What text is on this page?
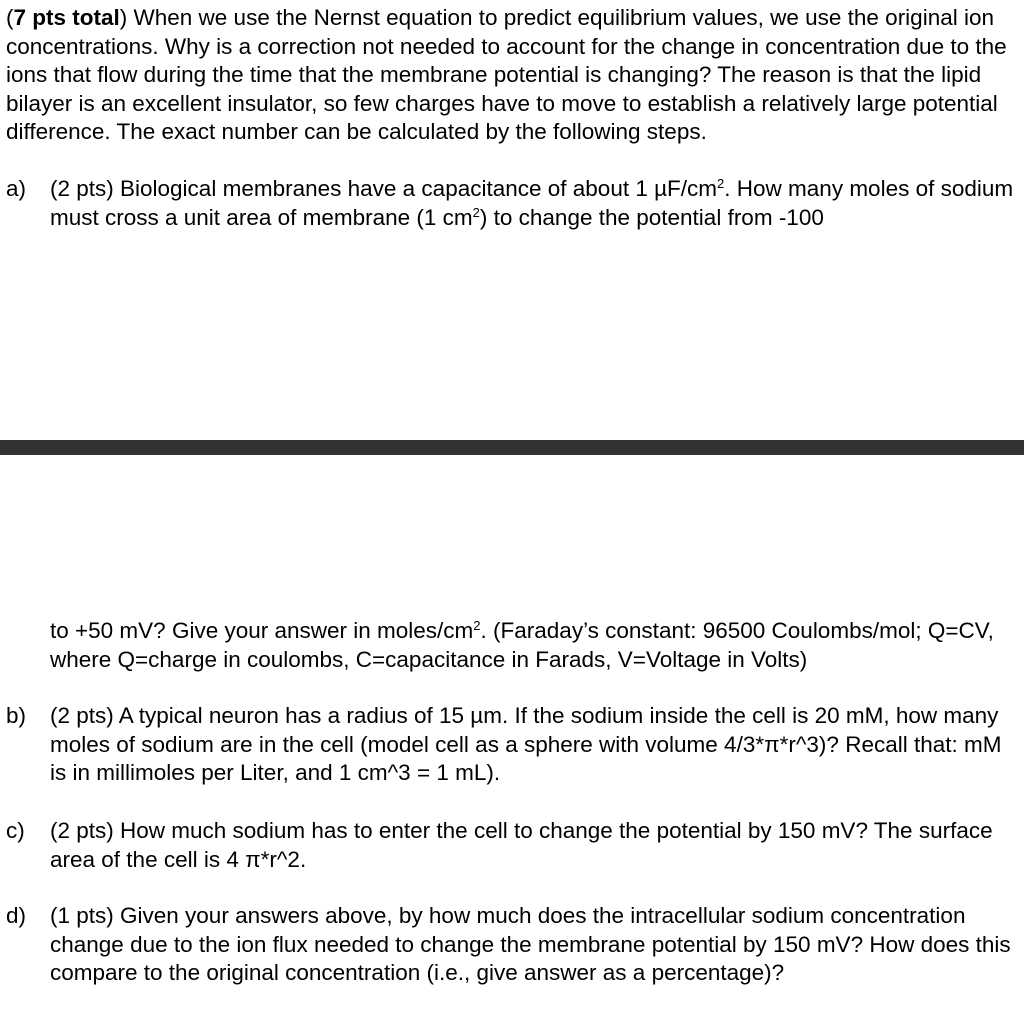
(7 pts total) When we use the Nernst equation to predict equilibrium values, we use the original ion concentrations. Why is a correction not needed to account for the change in concentration due to the ions that flow during the time that the membrane potential is changing? The reason is that the lipid bilayer is an excellent insulator, so few charges have to move to establish a relatively large potential difference. The exact number can be calculated by the following steps.

a)	(2 pts) Biological membranes have a capacitance of about 1 $\mu F/cm^2$. How many moles of sodium must cross a unit area of membrane (1 $cm^2$) to change the potential from -100

to +50 mV? Give your answer in moles/$cm^2$. (Faraday’s constant: 96500 Coulombs/mol; Q=CV, where Q=charge in coulombs, C=capacitance in Farads, V=Voltage in Volts)

b)	(2 pts) A typical neuron has a radius of 15 µm. If the sodium inside the cell is 20 mM, how many moles of sodium are in the cell (model cell as a sphere with volume 4/3*π*r^3)? Recall that: mM is in millimoles per Liter, and 1 cm^3 = 1 mL).
c)	(2 pts) How much sodium has to enter the cell to change the potential by 150 mV? The surface area of the cell is 4 π*r^2.
d)	(1 pts) Given your answers above, by how much does the intracellular sodium concentration change due to the ion flux needed to change the membrane potential by 150 mV? How does this compare to the original concentration (i.e., give answer as a percentage)?
